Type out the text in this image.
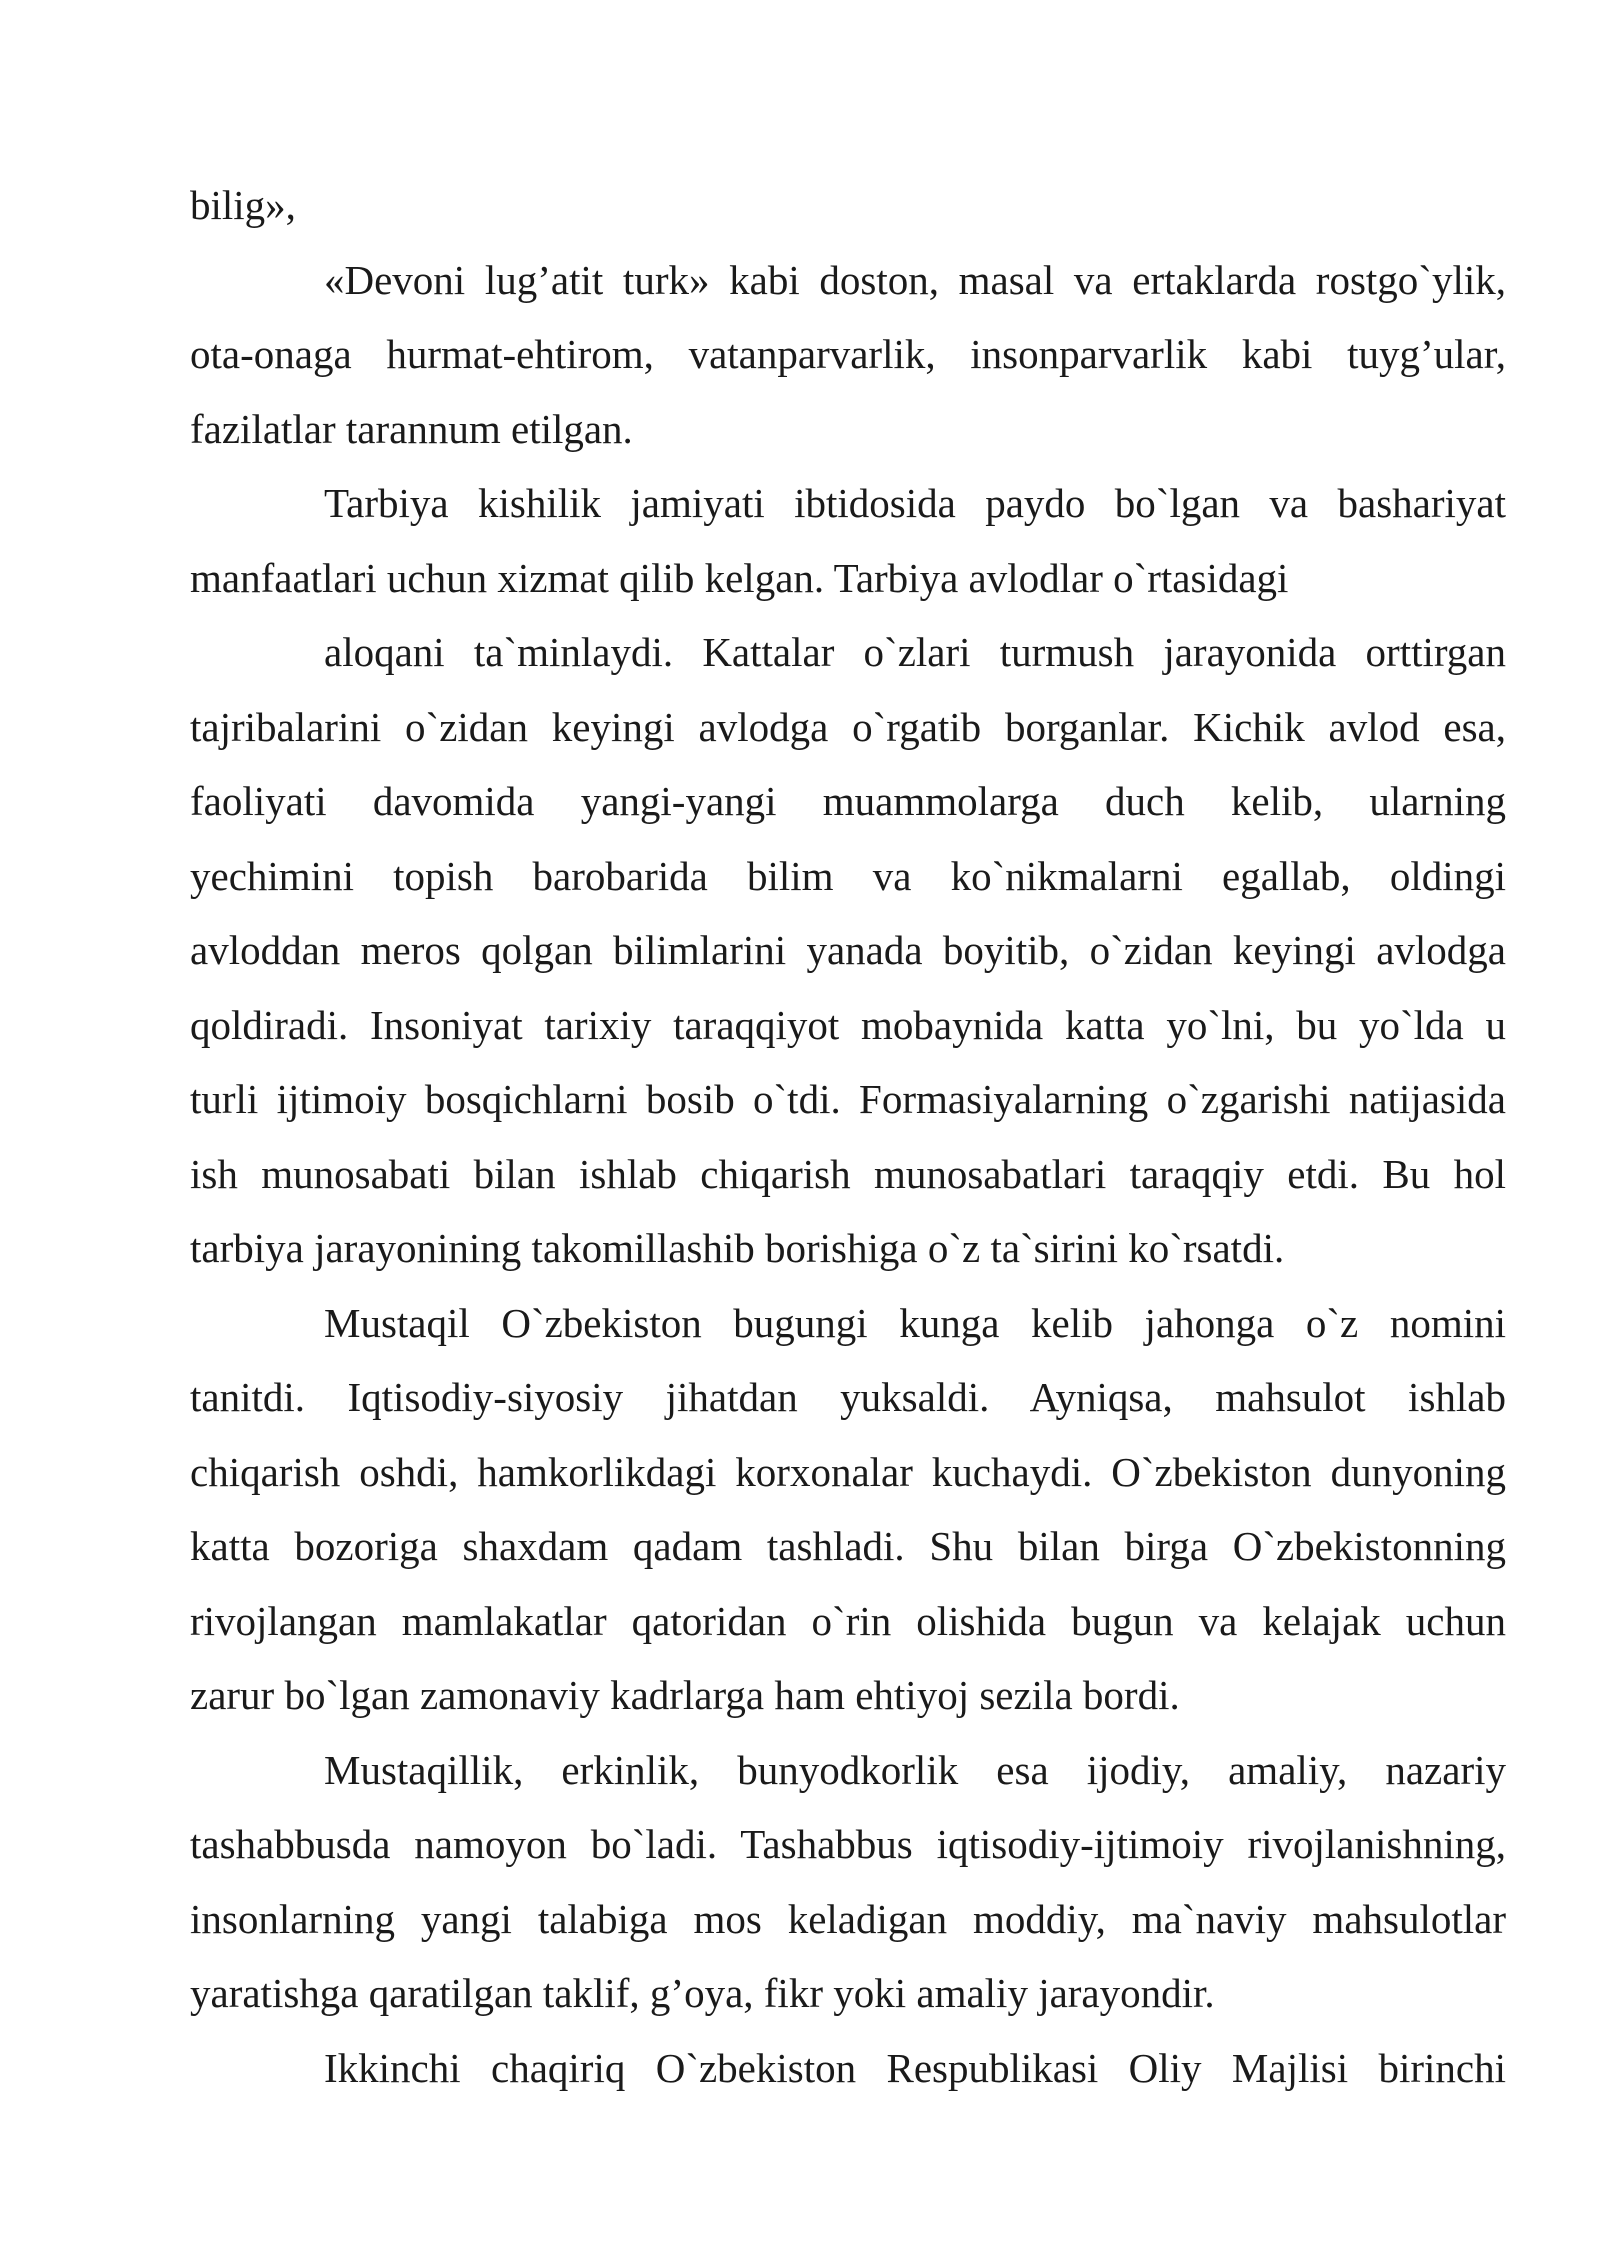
bilig»,
«Devoni lug’atit turk» kabi doston, masal va ertaklarda rostgo`ylik,
ota-onaga hurmat-ehtirom, vatanparvarlik, insonparvarlik kabi tuyg’ular,
fazilatlar tarannum etilgan.
Tarbiya kishilik jamiyati ibtidosida paydo bo`lgan va bashariyat
manfaatlari uchun xizmat qilib kelgan. Tarbiya avlodlar o`rtasidagi
aloqani ta`minlaydi. Kattalar o`zlari turmush jarayonida orttirgan
tajribalarini o`zidan keyingi avlodga o`rgatib borganlar. Kichik avlod esa,
faoliyati davomida yangi-yangi muammolarga duch kelib, ularning
yechimini topish barobarida bilim va ko`nikmalarni egallab, oldingi
avloddan meros qolgan bilimlarini yanada boyitib, o`zidan keyingi avlodga
qoldiradi. Insoniyat tarixiy taraqqiyot mobaynida katta yo`lni, bu yo`lda u
turli ijtimoiy bosqichlarni bosib o`tdi. Formasiyalarning o`zgarishi natijasida
ish munosabati bilan ishlab chiqarish munosabatlari taraqqiy etdi. Bu hol
tarbiya jarayonining takomillashib borishiga o`z ta`sirini ko`rsatdi.
Mustaqil O`zbekiston bugungi kunga kelib jahonga o`z nomini
tanitdi. Iqtisodiy-siyosiy jihatdan yuksaldi. Ayniqsa, mahsulot ishlab
chiqarish oshdi, hamkorlikdagi korxonalar kuchaydi. O`zbekiston dunyoning
katta bozoriga shaxdam qadam tashladi. Shu bilan birga O`zbekistonning
rivojlangan mamlakatlar qatoridan o`rin olishida bugun va kelajak uchun
zarur bo`lgan zamonaviy kadrlarga ham ehtiyoj sezila bordi.
Mustaqillik, erkinlik, bunyodkorlik esa ijodiy, amaliy, nazariy
tashabbusda namoyon bo`ladi. Tashabbus iqtisodiy-ijtimoiy rivojlanishning,
insonlarning yangi talabiga mos keladigan moddiy, ma`naviy mahsulotlar
yaratishga qaratilgan taklif, g’oya, fikr yoki amaliy jarayondir.
Ikkinchi chaqiriq O`zbekiston Respublikasi Oliy Majlisi birinchi
